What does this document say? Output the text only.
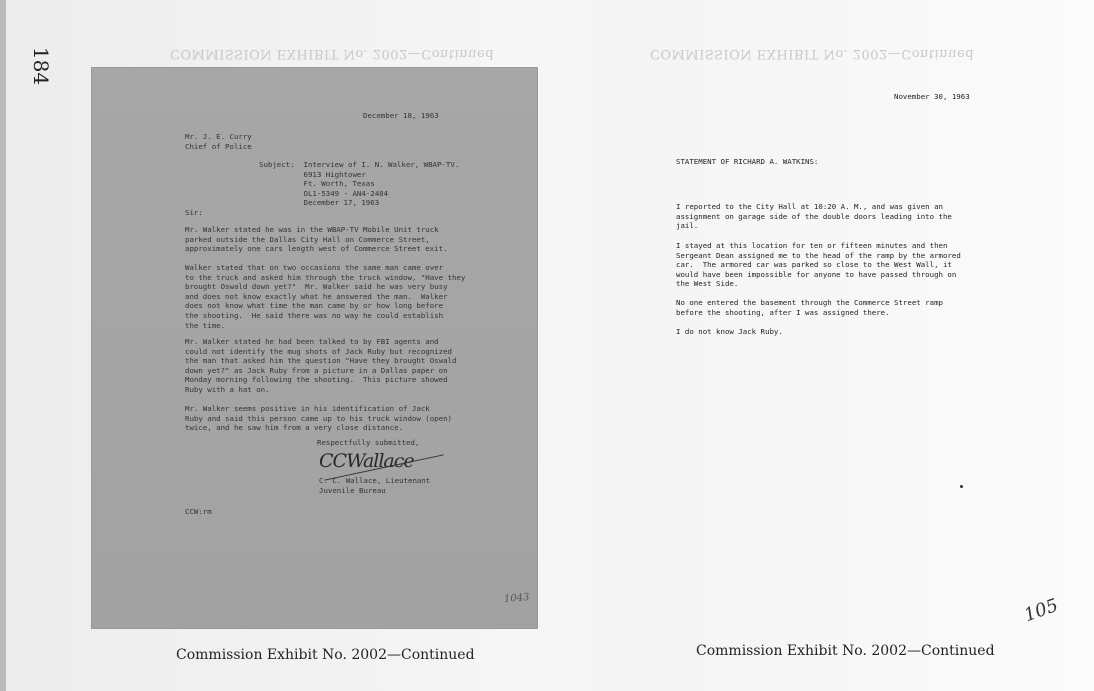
COMMISSION EXHIBIT No. 2002—Continued	COMMISSION EXHIBIT No. 2002—Continued
184
December 18, 1963
Mr. J. E. Curry
Chief of Police
Subject:  Interview of I. N. Walker, WBAP-TV.
6913 Hightower
Ft. Worth, Texas
OL1-5349 - AN4-2484
December 17, 1963
Sir:
Mr. Walker stated he was in the WBAP-TV Mobile Unit truck
parked outside the Dallas City Hall on Commerce Street,
approximately one cars length west of Commerce Street exit.
Walker stated that on two occasions the same man came over
to the truck and asked him through the truck window, "Have they
brought Oswald down yet?"  Mr. Walker said he was very busy
and does not know exactly what he answered the man.  Walker
does not know what time the man came by or how long before
the shooting.  He said there was no way he could establish
the time.
Mr. Walker stated he had been talked to by FBI agents and
could not identify the mug shots of Jack Ruby but recognized
the man that asked him the question "Have they brought Oswald
down yet?" as Jack Ruby from a picture in a Dallas paper on
Monday morning following the shooting.  This picture showed
Ruby with a hat on.
Mr. Walker seems positive in his identification of Jack
Ruby and said this person came up to his truck window (open)
twice, and he saw him from a very close distance.
Respectfully submitted,
CCWallace
C. C. Wallace, Lieutenant
Juvenile Bureau
CCW:rm
1043
November 30, 1963
STATEMENT OF RICHARD A. WATKINS:
I reported to the City Hall at 10:20 A. M., and was given an
assignment on garage side of the double doors leading into the
jail.
I stayed at this location for ten or fifteen minutes and then
Sergeant Dean assigned me to the head of the ramp by the armored
car.  The armored car was parked so close to the West Wall, it
would have been impossible for anyone to have passed through on
the West Side.
No one entered the basement through the Commerce Street ramp
before the shooting, after I was assigned there.
I do not know Jack Ruby.
105
Commission Exhibit No. 2002—Continued	Commission Exhibit No. 2002—Continued
